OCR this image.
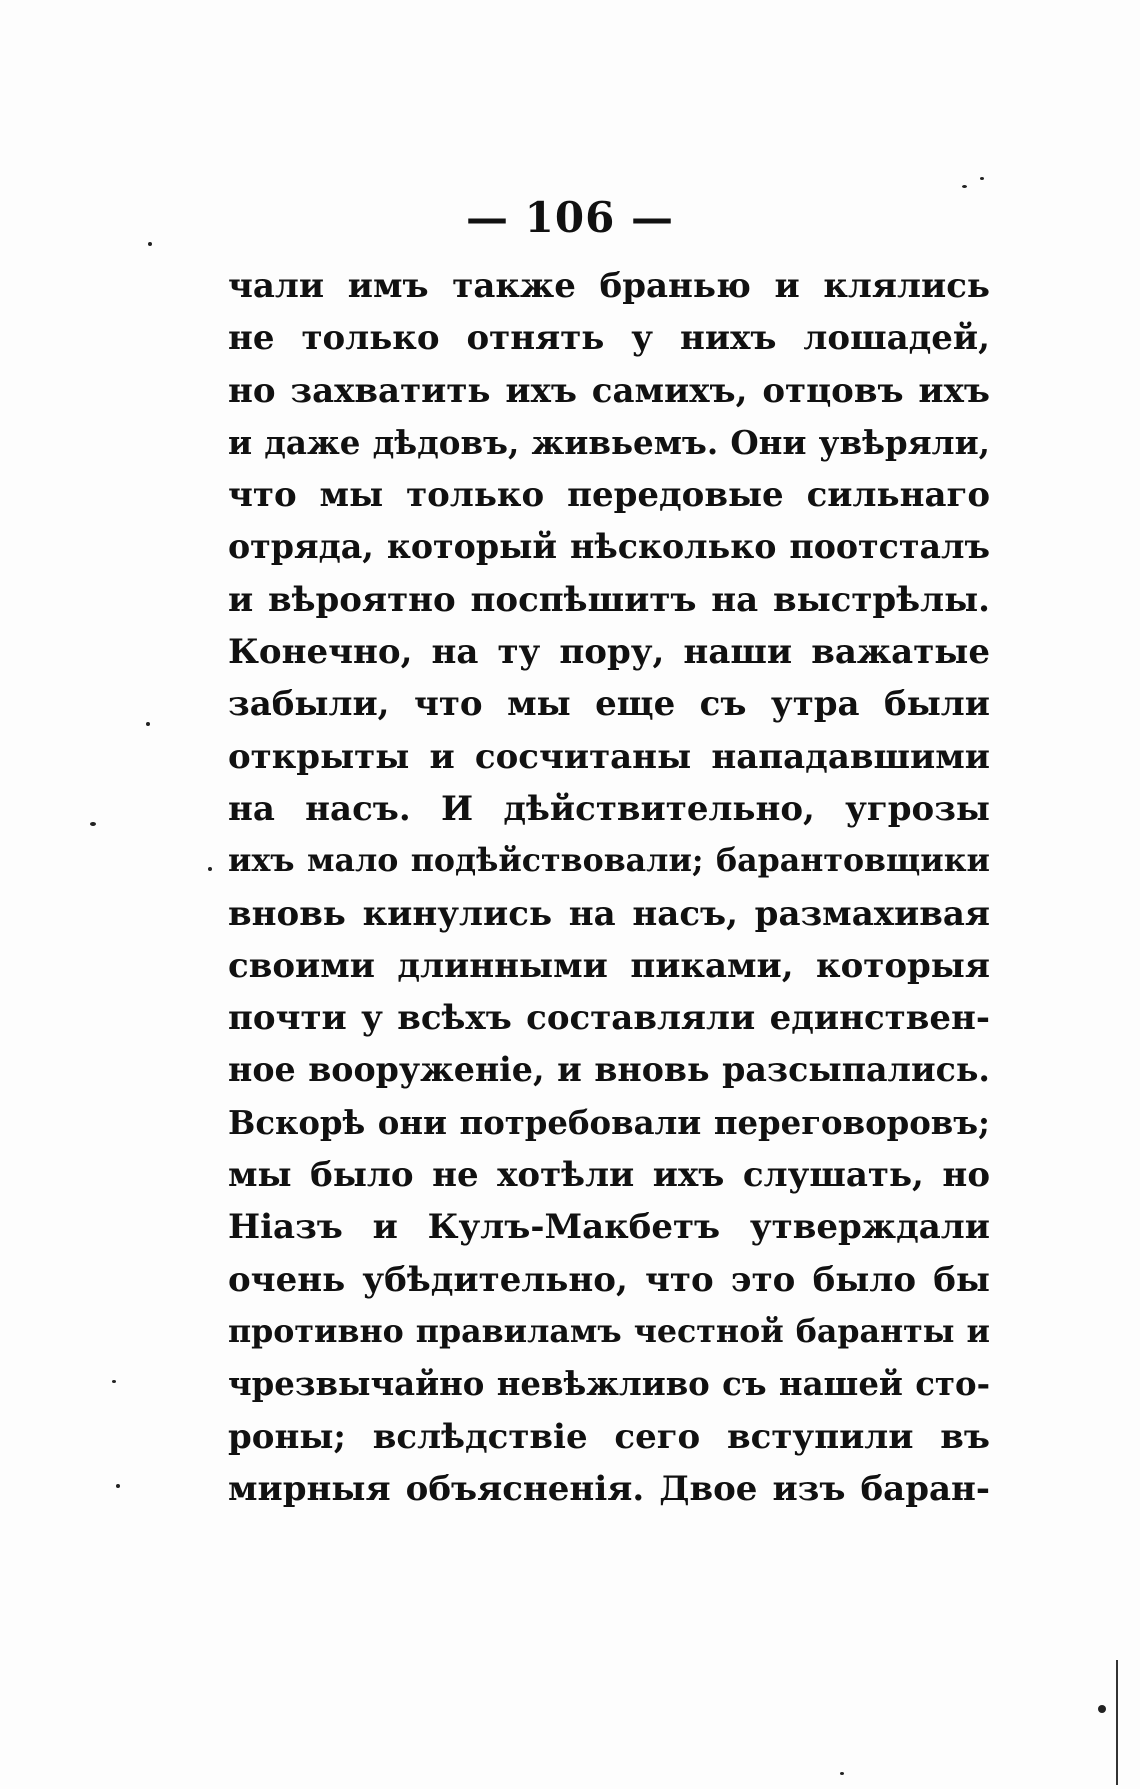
— 106 —
чали имъ также бранью и клялись
не только отнять у нихъ лошадей,
но захватить ихъ самихъ, отцовъ ихъ
и даже дѣдовъ, живьемъ. Они увѣряли,
что мы только передовые сильнаго
отряда, который нѣсколько поотсталъ
и вѣроятно поспѣшитъ на выстрѣлы.
Конечно, на ту пору, наши важатые
забыли, что мы еще съ утра были
открыты и сосчитаны нападавшими
на насъ. И дѣйствительно, угрозы
ихъ мало подѣйствовали; барантовщики
вновь кинулись на насъ, размахивая
своими длинными пиками, которыя
почти у всѣхъ составляли единствен-
ное вооруженіе, и вновь разсыпались.
Вскорѣ они потребовали переговоровъ;
мы было не хотѣли ихъ слушать, но
Ніазъ и Кулъ-Макбетъ утверждали
очень убѣдительно, что это было бы
противно правиламъ честной баранты и
чрезвычайно невѣжливо съ нашей сто-
роны; вслѣдствіе сего вступили въ
мирныя объясненія. Двое изъ баран-
